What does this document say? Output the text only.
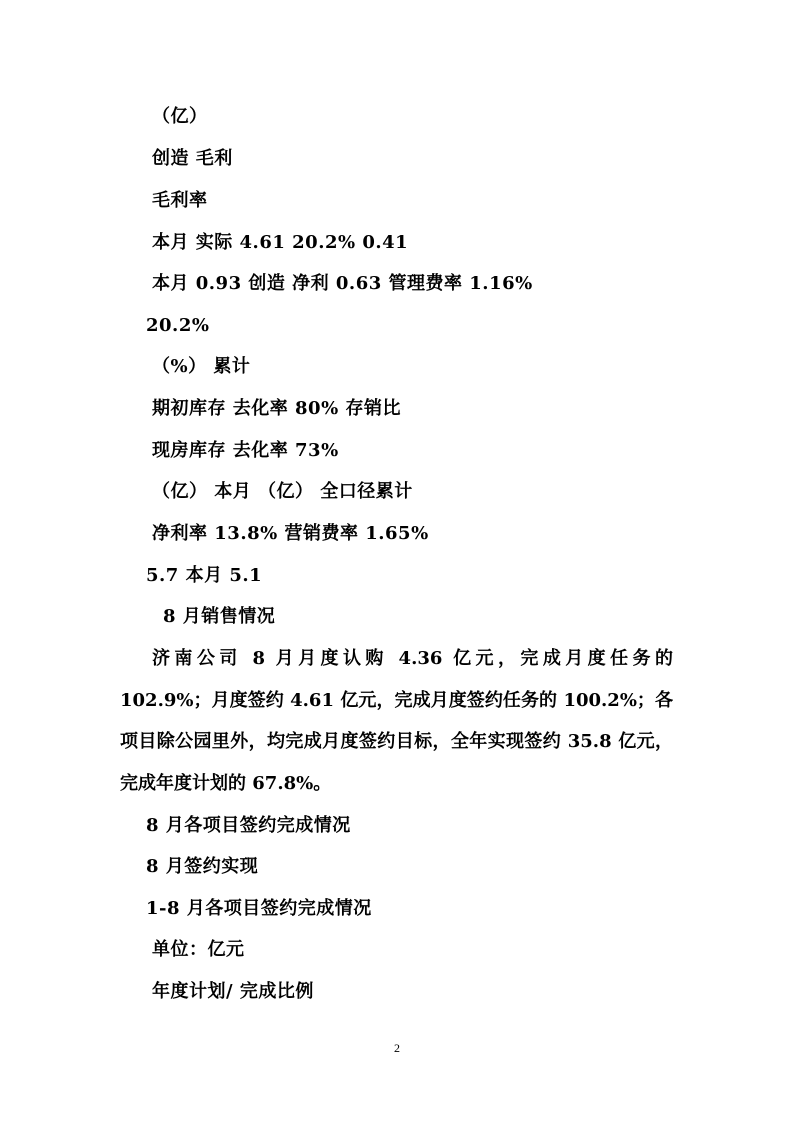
（亿）
创造 毛利
毛利率
本月 实际 4.61 20.2% 0.41
本月 0.93 创造 净利 0.63 管理费率 1.16%
20.2%
（%） 累计
期初库存 去化率 80% 存销比
现房库存 去化率 73%
（亿） 本月 （亿） 全口径累计
净利率 13.8% 营销费率 1.65%
5.7 本月 5.1
8 月销售情况
济南公司 8 月月度认购 4.36 亿元，完成月度任务的 102.9%；月度签约 4.61 亿元，完成月度签约任务的 100.2%；各项目除公园里外，均完成月度签约目标，全年实现签约 35.8 亿元，完成年度计划的 67.8%。
8 月各项目签约完成情况
8 月签约实现
1-8 月各项目签约完成情况
单位：亿元
年度计划/ 完成比例
2
